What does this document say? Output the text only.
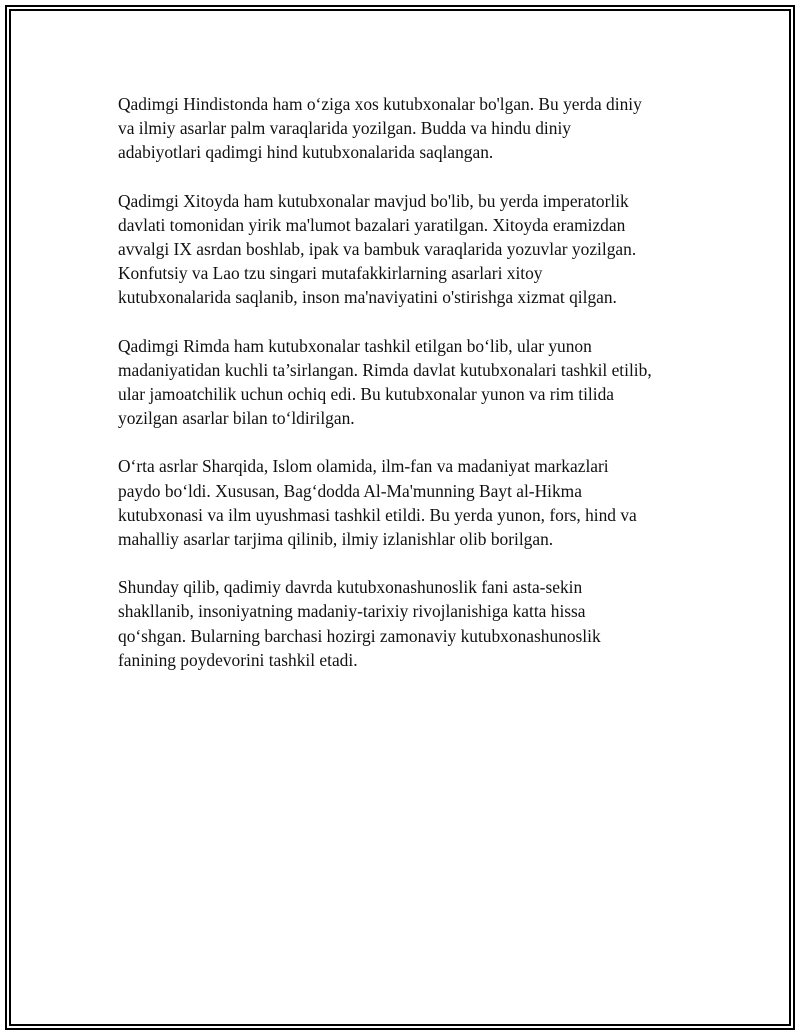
Qadimgi Hindistonda ham o‘ziga xos kutubxonalar bo'lgan. Bu yerda diniy
va ilmiy asarlar palm varaqlarida yozilgan. Budda va hindu diniy
adabiyotlari qadimgi hind kutubxonalarida saqlangan.

Qadimgi Xitoyda ham kutubxonalar mavjud bo'lib, bu yerda imperatorlik
davlati tomonidan yirik ma'lumot bazalari yaratilgan. Xitoyda eramizdan
avvalgi IX asrdan boshlab, ipak va bambuk varaqlarida yozuvlar yozilgan.
Konfutsiy va Lao tzu singari mutafakkirlarning asarlari xitoy
kutubxonalarida saqlanib, inson ma'naviyatini o'stirishga xizmat qilgan.

Qadimgi Rimda ham kutubxonalar tashkil etilgan bo‘lib, ular yunon
madaniyatidan kuchli ta’sirlangan. Rimda davlat kutubxonalari tashkil etilib,
ular jamoatchilik uchun ochiq edi. Bu kutubxonalar yunon va rim tilida
yozilgan asarlar bilan to‘ldirilgan.

O‘rta asrlar Sharqida, Islom olamida, ilm-fan va madaniyat markazlari
paydo bo‘ldi. Xususan, Bag‘dodda Al-Ma'munning Bayt al-Hikma
kutubxonasi va ilm uyushmasi tashkil etildi. Bu yerda yunon, fors, hind va
mahalliy asarlar tarjima qilinib, ilmiy izlanishlar olib borilgan.

Shunday qilib, qadimiy davrda kutubxonashunoslik fani asta-sekin
shakllanib, insoniyatning madaniy-tarixiy rivojlanishiga katta hissa
qo‘shgan. Bularning barchasi hozirgi zamonaviy kutubxonashunoslik
fanining poydevorini tashkil etadi.
